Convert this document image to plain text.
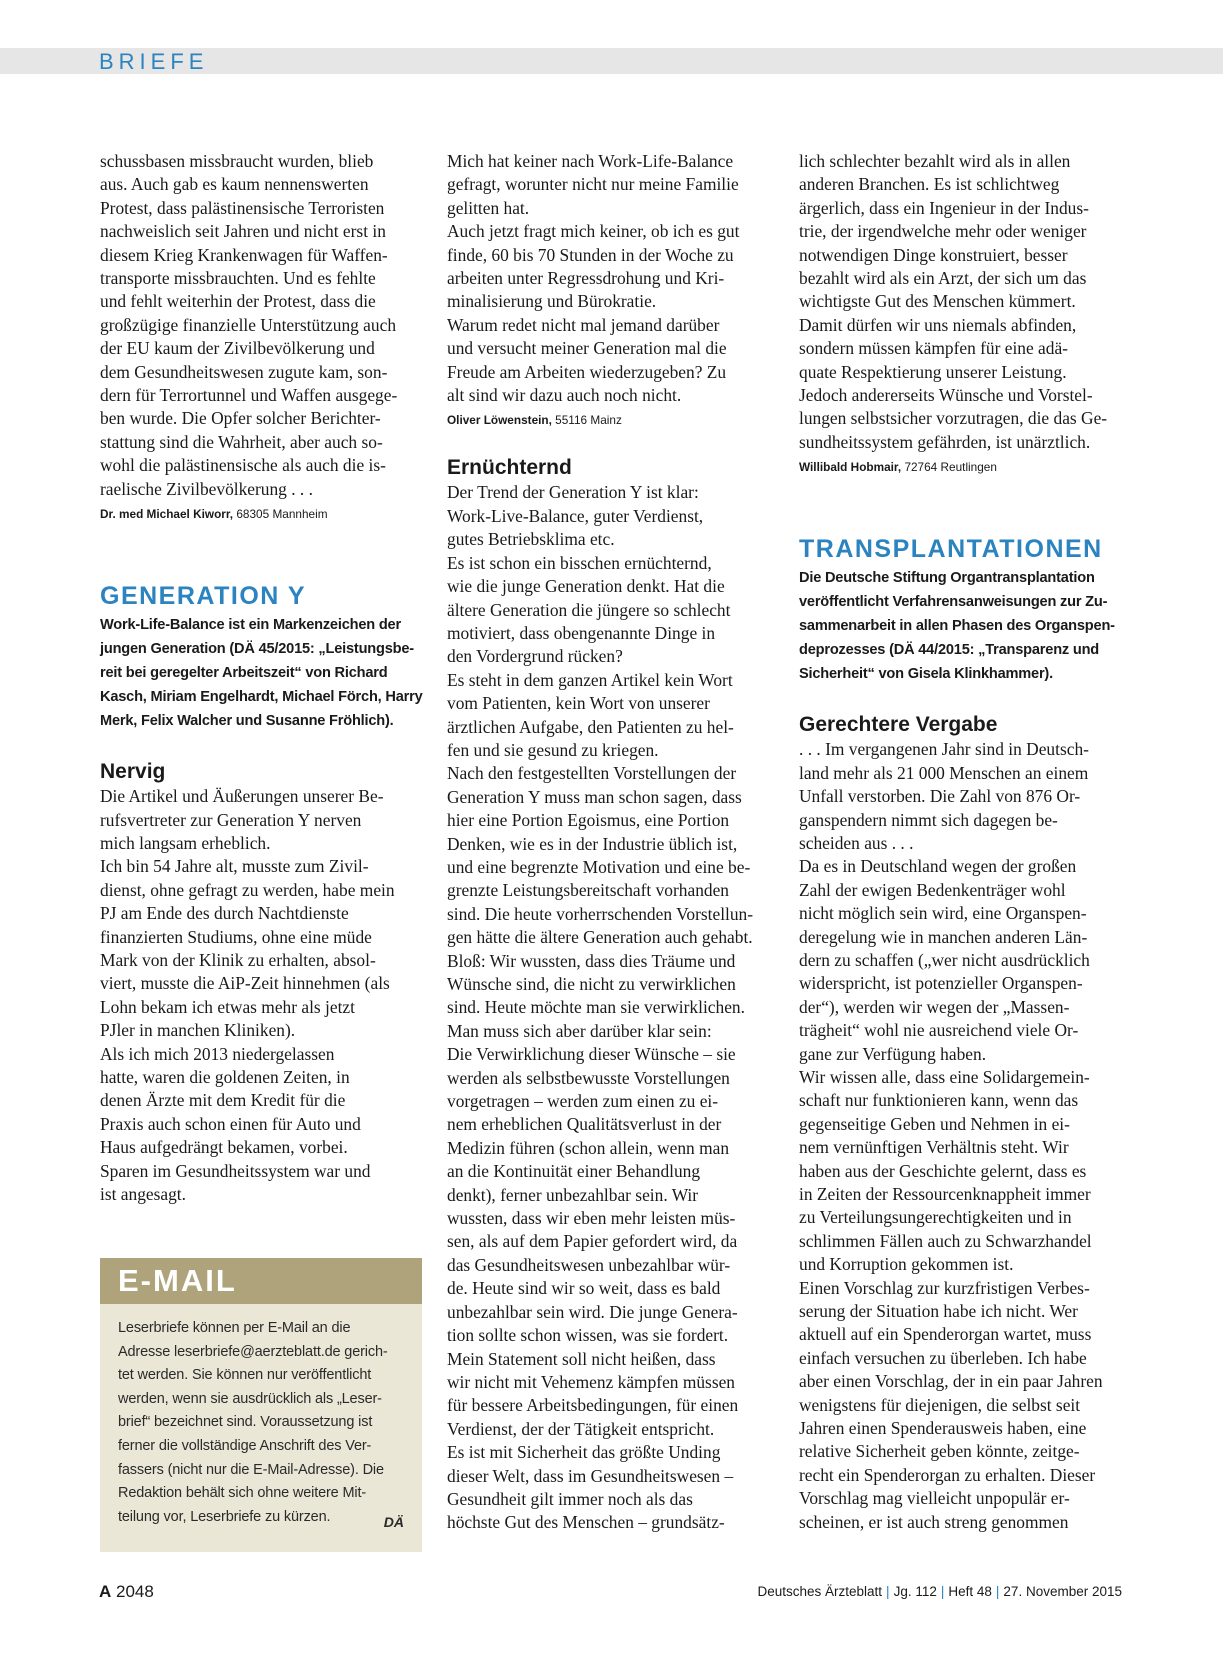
BRIEFE
schussbasen missbraucht wurden, blieb
aus. Auch gab es kaum nennenswerten
Protest, dass palästinensische Terroristen
nachweislich seit Jahren und nicht erst in
diesem Krieg Krankenwagen für Waffen-
transporte missbrauchten. Und es fehlte
und fehlt weiterhin der Protest, dass die
großzügige finanzielle Unterstützung auch
der EU kaum der Zivilbevölkerung und
dem Gesundheitswesen zugute kam, son-
dern für Terrortunnel und Waffen ausgege-
ben wurde. Die Opfer solcher Berichter-
stattung sind die Wahrheit, aber auch so-
wohl die palästinensische als auch die is-
raelische Zivilbevölkerung . . .

Dr. med Michael Kiworr, 68305 Mannheim

GENERATION Y
Work-Life-Balance ist ein Markenzeichen der
jungen Generation (DÄ 45/2015: „Leistungsbe-
reit bei geregelter Arbeitszeit“ von Richard
Kasch, Miriam Engelhardt, Michael Förch, Harry
Merk, Felix Walcher und Susanne Fröhlich).
Nervig
Die Artikel und Äußerungen unserer Be-
rufsvertreter zur Generation Y nerven
mich langsam erheblich.
Ich bin 54 Jahre alt, musste zum Zivil-
dienst, ohne gefragt zu werden, habe mein
PJ am Ende des durch Nachtdienste
finanzierten Studiums, ohne eine müde
Mark von der Klinik zu erhalten, absol-
viert, musste die AiP-Zeit hinnehmen (als
Lohn bekam ich etwas mehr als jetzt
PJler in manchen Kliniken).
Als ich mich 2013 niedergelassen
hatte, waren die goldenen Zeiten, in
denen Ärzte mit dem Kredit für die
Praxis auch schon einen für Auto und
Haus aufgedrängt bekamen, vorbei.
Sparen im Gesundheitssystem war und
ist angesagt.
E-MAIL
Leserbriefe können per E-Mail an die
Adresse leserbriefe@aerzteblatt.de gerich-
tet werden. Sie können nur veröffentlicht
werden, wenn sie ausdrücklich als „Leser-
brief“ bezeichnet sind. Voraussetzung ist
ferner die vollständige Anschrift des Ver-
fassers (nicht nur die E-Mail-Adresse). Die
Redaktion behält sich ohne weitere Mit-
teilung vor, Leserbriefe zu kürzen.	DÄ
Mich hat keiner nach Work-Life-Balance
gefragt, worunter nicht nur meine Familie
gelitten hat.
Auch jetzt fragt mich keiner, ob ich es gut
finde, 60 bis 70 Stunden in der Woche zu
arbeiten unter Regressdrohung und Kri-
minalisierung und Bürokratie.
Warum redet nicht mal jemand darüber
und versucht meiner Generation mal die
Freude am Arbeiten wiederzugeben? Zu
alt sind wir dazu auch noch nicht.

Oliver Löwenstein, 55116 Mainz

Ernüchternd
Der Trend der Generation Y ist klar:
Work-Live-Balance, guter Verdienst,
gutes Betriebsklima etc.
Es ist schon ein bisschen ernüchternd,
wie die junge Generation denkt. Hat die
ältere Generation die jüngere so schlecht
motiviert, dass obengenannte Dinge in
den Vordergrund rücken?
Es steht in dem ganzen Artikel kein Wort
vom Patienten, kein Wort von unserer
ärztlichen Aufgabe, den Patienten zu hel-
fen und sie gesund zu kriegen.
Nach den festgestellten Vorstellungen der
Generation Y muss man schon sagen, dass
hier eine Portion Egoismus, eine Portion
Denken, wie es in der Industrie üblich ist,
und eine begrenzte Motivation und eine be-
grenzte Leistungsbereitschaft vorhanden
sind. Die heute vorherrschenden Vorstellun-
gen hätte die ältere Generation auch gehabt.
Bloß: Wir wussten, dass dies Träume und
Wünsche sind, die nicht zu verwirklichen
sind. Heute möchte man sie verwirklichen.
Man muss sich aber darüber klar sein:
Die Verwirklichung dieser Wünsche – sie
werden als selbstbewusste Vorstellungen
vorgetragen – werden zum einen zu ei-
nem erheblichen Qualitätsverlust in der
Medizin führen (schon allein, wenn man
an die Kontinuität einer Behandlung
denkt), ferner unbezahlbar sein. Wir
wussten, dass wir eben mehr leisten müs-
sen, als auf dem Papier gefordert wird, da
das Gesundheitswesen unbezahlbar wür-
de. Heute sind wir so weit, dass es bald
unbezahlbar sein wird. Die junge Genera-
tion sollte schon wissen, was sie fordert.
Mein Statement soll nicht heißen, dass
wir nicht mit Vehemenz kämpfen müssen
für bessere Arbeitsbedingungen, für einen
Verdienst, der der Tätigkeit entspricht.
Es ist mit Sicherheit das größte Unding
dieser Welt, dass im Gesundheitswesen –
Gesundheit gilt immer noch als das
höchste Gut des Menschen – grundsätz-
lich schlechter bezahlt wird als in allen
anderen Branchen. Es ist schlichtweg
ärgerlich, dass ein Ingenieur in der Indus-
trie, der irgendwelche mehr oder weniger
notwendigen Dinge konstruiert, besser
bezahlt wird als ein Arzt, der sich um das
wichtigste Gut des Menschen kümmert.
Damit dürfen wir uns niemals abfinden,
sondern müssen kämpfen für eine adä-
quate Respektierung unserer Leistung.
Jedoch andererseits Wünsche und Vorstel-
lungen selbstsicher vorzutragen, die das Ge-
sundheitssystem gefährden, ist unärztlich.

Willibald Hobmair, 72764 Reutlingen

TRANSPLANTATIONEN
Die Deutsche Stiftung Organtransplantation
veröffentlicht Verfahrensanweisungen zur Zu-
sammenarbeit in allen Phasen des Organspen-
deprozesses (DÄ 44/2015: „Transparenz und
Sicherheit“ von Gisela Klinkhammer).
Gerechtere Vergabe
. . . Im vergangenen Jahr sind in Deutsch-
land mehr als 21 000 Menschen an einem
Unfall verstorben. Die Zahl von 876 Or-
ganspendern nimmt sich dagegen be-
scheiden aus . . .
Da es in Deutschland wegen der großen
Zahl der ewigen Bedenkenträger wohl
nicht möglich sein wird, eine Organspen-
deregelung wie in manchen anderen Län-
dern zu schaffen („wer nicht ausdrücklich
widerspricht, ist potenzieller Organspen-
der“), werden wir wegen der „Massen-
trägheit“ wohl nie ausreichend viele Or-
gane zur Verfügung haben.
Wir wissen alle, dass eine Solidargemein-
schaft nur funktionieren kann, wenn das
gegenseitige Geben und Nehmen in ei-
nem vernünftigen Verhältnis steht. Wir
haben aus der Geschichte gelernt, dass es
in Zeiten der Ressourcenknappheit immer
zu Verteilungsungerechtigkeiten und in
schlimmen Fällen auch zu Schwarzhandel
und Korruption gekommen ist.
Einen Vorschlag zur kurzfristigen Verbes-
serung der Situation habe ich nicht. Wer
aktuell auf ein Spenderorgan wartet, muss
einfach versuchen zu überleben. Ich habe
aber einen Vorschlag, der in ein paar Jahren
wenigstens für diejenigen, die selbst seit
Jahren einen Spenderausweis haben, eine
relative Sicherheit geben könnte, zeitge-
recht ein Spenderorgan zu erhalten. Dieser
Vorschlag mag vielleicht unpopulär er-
scheinen, er ist auch streng genommen
A 2048	Deutsches Ärzteblatt | Jg. 112 | Heft 48 | 27. November 2015
